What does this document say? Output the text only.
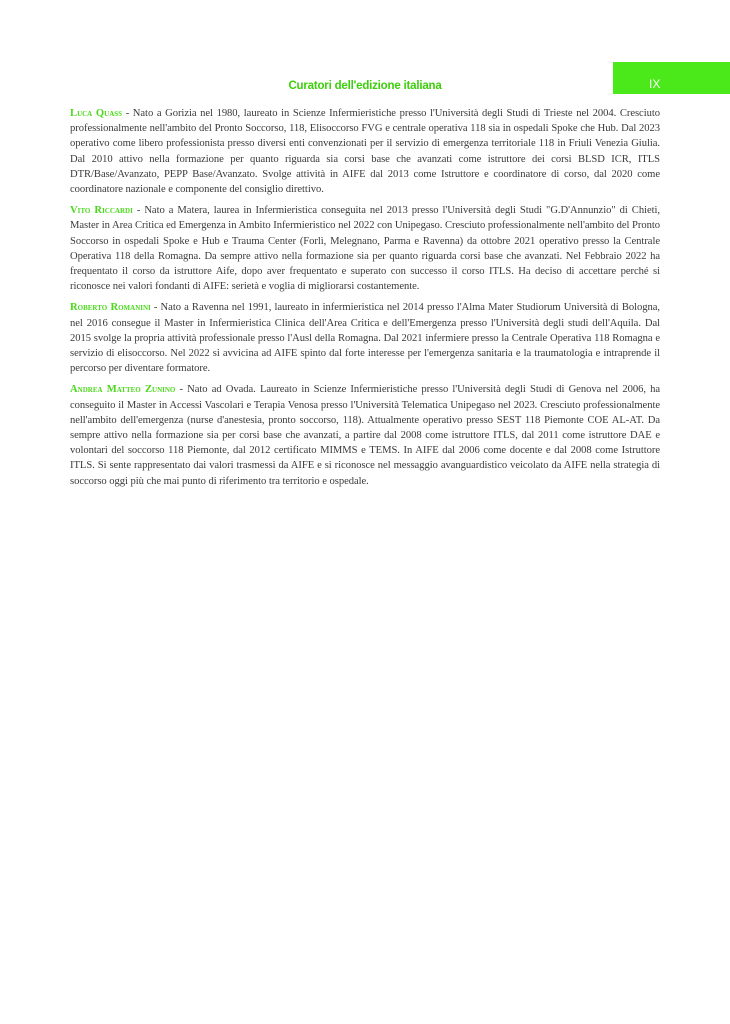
Curatori dell'edizione italiana	IX

Luca Quass - Nato a Gorizia nel 1980, laureato in Scienze Infermieristiche presso l'Università degli Studi di Trieste nel 2004. Cresciuto professionalmente nell'ambito del Pronto Soccorso, 118, Elisoccorso FVG e centrale operativa 118 sia in ospedali Spoke che Hub. Dal 2023 operativo come libero professionista presso diversi enti convenzionati per il servizio di emergenza territoriale 118 in Friuli Venezia Giulia. Dal 2010 attivo nella formazione per quanto riguarda sia corsi base che avanzati come istruttore dei corsi BLSD ICR, ITLS DTR/Base/Avanzato, PEPP Base/Avanzato. Svolge attività in AIFE dal 2013 come Istruttore e coordinatore di corso, dal 2020 come coordinatore nazionale e componente del consiglio direttivo.

Vito Riccardi - Nato a Matera, laurea in Infermieristica conseguita nel 2013 presso l'Università degli Studi "G.D'Annunzio" di Chieti, Master in Area Critica ed Emergenza in Ambito Infermieristico nel 2022 con Unipegaso. Cresciuto professionalmente nell'ambito del Pronto Soccorso in ospedali Spoke e Hub e Trauma Center (Forlì, Melegnano, Parma e Ravenna) da ottobre 2021 operativo presso la Centrale Operativa 118 della Romagna. Da sempre attivo nella formazione sia per quanto riguarda corsi base che avanzati. Nel Febbraio 2022 ha frequentato il corso da istruttore Aife, dopo aver frequentato e superato con successo il corso ITLS. Ha deciso di accettare perché si riconosce nei valori fondanti di AIFE: serietà e voglia di migliorarsi costantemente.

Roberto Romanini - Nato a Ravenna nel 1991, laureato in infermieristica nel 2014 presso l'Alma Mater Studiorum Università di Bologna, nel 2016 consegue il Master in Infermieristica Clinica dell'Area Critica e dell'Emergenza presso l'Università degli studi dell'Aquila. Dal 2015 svolge la propria attività professionale presso l'Ausl della Romagna. Dal 2021 infermiere presso la Centrale Operativa 118 Romagna e servizio di elisoccorso. Nel 2022 si avvicina ad AIFE spinto dal forte interesse per l'emergenza sanitaria e la traumatologia e intraprende il percorso per diventare formatore.

Andrea Matteo Zunino - Nato ad Ovada. Laureato in Scienze Infermieristiche presso l'Università degli Studi di Genova nel 2006, ha conseguito il Master in Accessi Vascolari e Terapia Venosa presso l'Università Telematica Unipegaso nel 2023. Cresciuto professionalmente nell'ambito dell'emergenza (nurse d'anestesia, pronto soccorso, 118). Attualmente operativo presso SEST 118 Piemonte COE AL-AT. Da sempre attivo nella formazione sia per corsi base che avanzati, a partire dal 2008 come istruttore ITLS, dal 2011 come istruttore DAE e volontari del soccorso 118 Piemonte, dal 2012 certificato MIMMS e TEMS. In AIFE dal 2006 come docente e dal 2008 come Istruttore ITLS. Si sente rappresentato dai valori trasmessi da AIFE e si riconosce nel messaggio avanguardistico veicolato da AIFE nella strategia di soccorso oggi più che mai punto di riferimento tra territorio e ospedale.
